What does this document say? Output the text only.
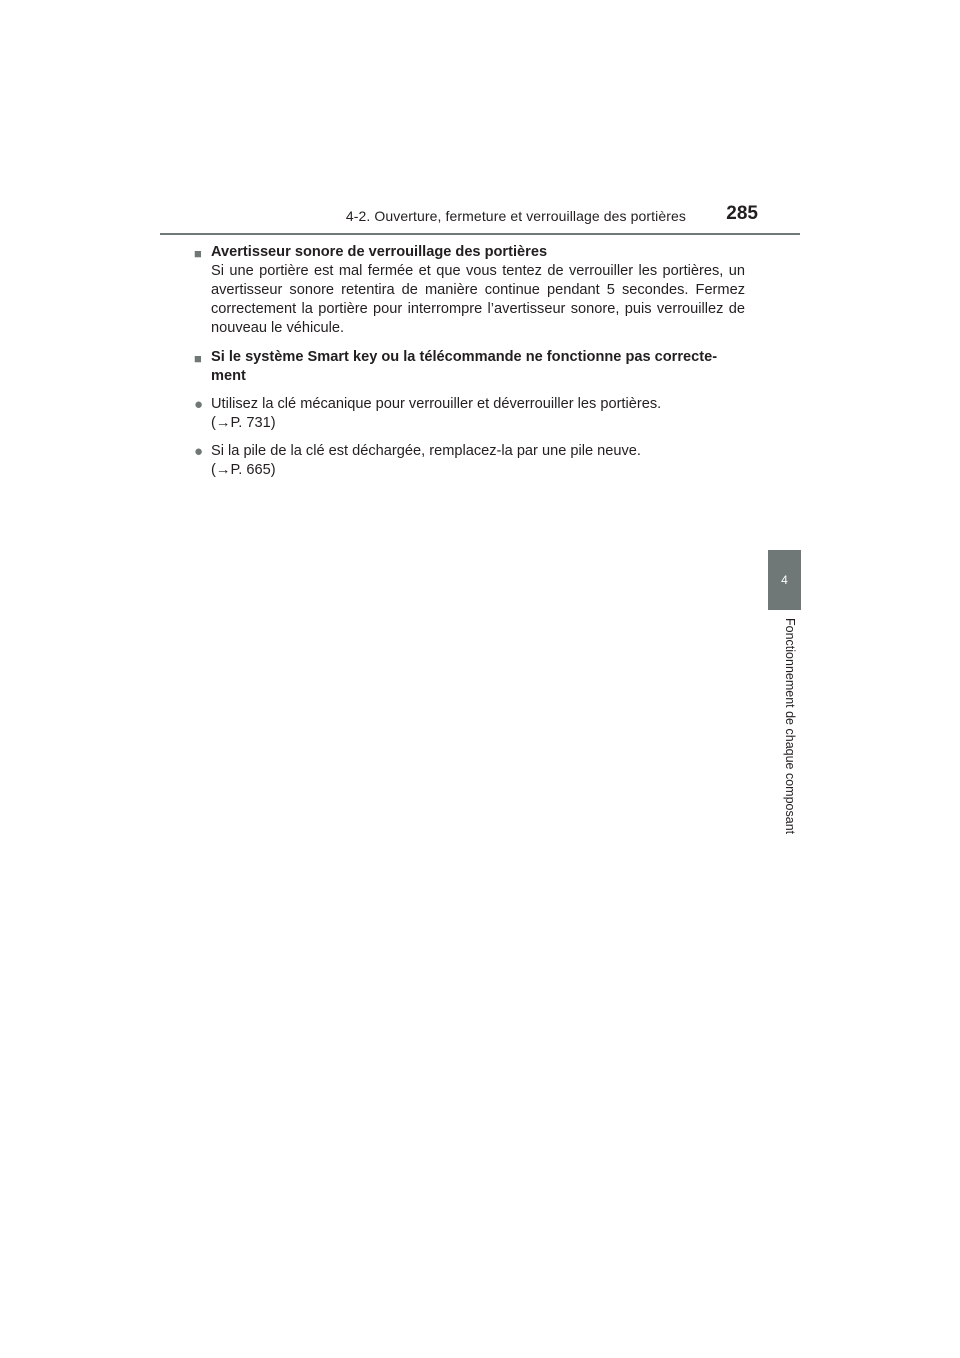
4-2. Ouverture, fermeture et verrouillage des portières 285
4
Fonctionnement de chaque composant
■ Avertisseur sonore de verrouillage des portières
Si une portière est mal fermée et que vous tentez de verrouiller les portières, un avertisseur sonore retentira de manière continue pendant 5 secondes. Fermez correctement la portière pour interrompre l’avertisseur sonore, puis verrouillez de nouveau le véhicule.
■ Si le système Smart key ou la télécommande ne fonctionne pas correcte-
ment
● Utilisez la clé mécanique pour verrouiller et déverrouiller les portières.
(→P. 731)
● Si la pile de la clé est déchargée, remplacez-la par une pile neuve.
(→P. 665)
